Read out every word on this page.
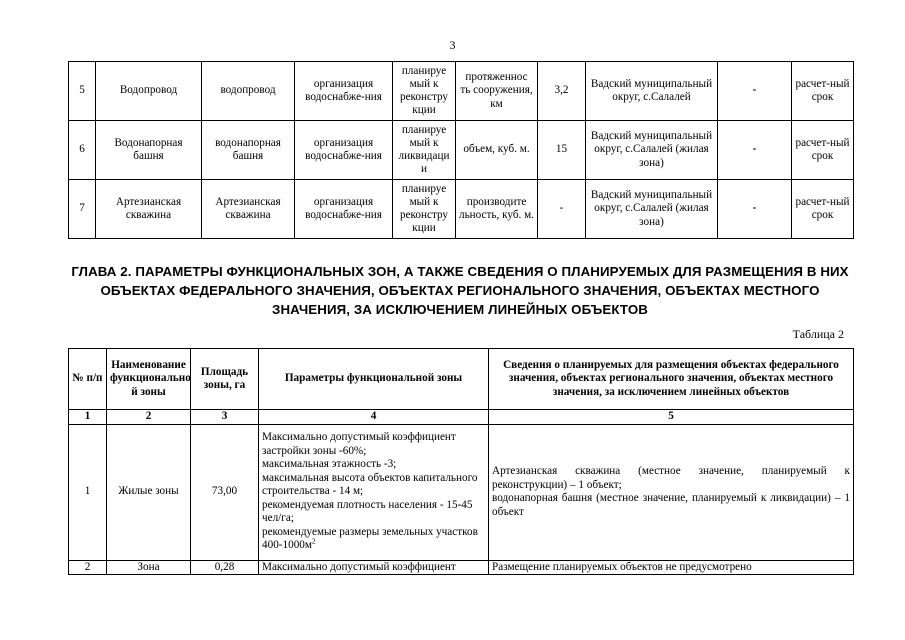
3
5	Водопровод	водопровод	организация водоснабже-ния	планируе мый к реконстру кции	протяженнос ть сооружения, км	3,2	Вадский муниципальный округ, с.Салалей	-	расчет-ный срок
6	Водонапорная башня	водонапорная башня	организация водоснабже-ния	планируе мый к ликвидаци и	объем, куб. м.	15	Вадский муниципальный округ, с.Салалей (жилая зона)	-	расчет-ный срок
7	Артезианская скважина	Артезианская скважина	организация водоснабже-ния	планируе мый к реконстру кции	производите льность, куб. м.	-	Вадский муниципальный округ, с.Салалей (жилая зона)	-	расчет-ный срок
ГЛАВА 2. ПАРАМЕТРЫ ФУНКЦИОНАЛЬНЫХ ЗОН, А ТАКЖЕ СВЕДЕНИЯ О ПЛАНИРУЕМЫХ ДЛЯ РАЗМЕЩЕНИЯ В НИХ ОБЪЕКТАХ ФЕДЕРАЛЬНОГО ЗНАЧЕНИЯ, ОБЪЕКТАХ РЕГИОНАЛЬНОГО ЗНАЧЕНИЯ, ОБЪЕКТАХ МЕСТНОГО ЗНАЧЕНИЯ, ЗА ИСКЛЮЧЕНИЕМ ЛИНЕЙНЫХ ОБЪЕКТОВ
Таблица 2
№ п/п	Наименование функционально й зоны	Площадь зоны, га	Параметры функциональной зоны	Сведения о планируемых для размещения объектах федерального значения, объектах регионального значения, объектах местного значения, за исключением линейных объектов
1	2	3	4	5
1	Жилые зоны	73,00	Максимально допустимый коэффициент застройки зоны -60%;
максимальная этажность -3;
максимальная высота объектов капитального строительства - 14 м;
рекомендуемая плотность населения - 15-45 чел/га;
рекомендуемые размеры земельных участков $400-1000м^2$	Артезианская скважина (местное значение, планируемый к реконструкции) – 1 объект;
водонапорная башня (местное значение, планируемый к ликвидации) – 1 объект

2	Зона	0,28	Максимально допустимый коэффициент	Размещение планируемых объектов не предусмотрено
